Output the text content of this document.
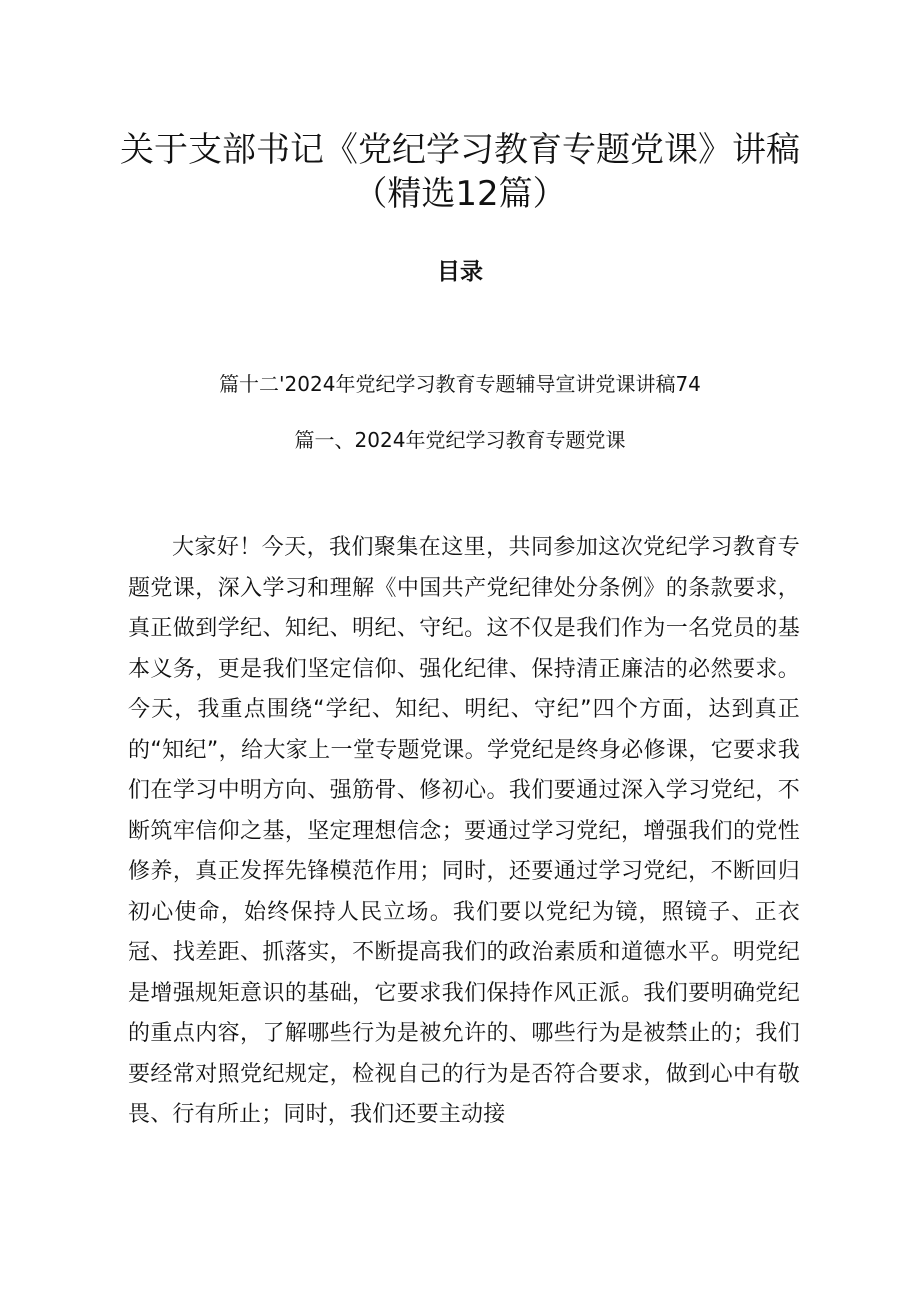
关于支部书记《党纪学习教育专题党课》讲稿
（精选12篇）
目录
篇十二'2024年党纪学习教育专题辅导宣讲党课讲稿74
篇一、2024年党纪学习教育专题党课

大家好！今天，我们聚集在这里，共同参加这次党纪学习教育专题党课，深入学习和理解《中国共产党纪律处分条例》的条款要求，真正做到学纪、知纪、明纪、守纪。这不仅是我们作为一名党员的基本义务，更是我们坚定信仰、强化纪律、保持清正廉洁的必然要求。今天，我重点围绕“学纪、知纪、明纪、守纪”四个方面，达到真正的“知纪”，给大家上一堂专题党课。学党纪是终身必修课，它要求我们在学习中明方向、强筋骨、修初心。我们要通过深入学习党纪，不断筑牢信仰之基，坚定理想信念；要通过学习党纪，增强我们的党性修养，真正发挥先锋模范作用；同时，还要通过学习党纪，不断回归初心使命，始终保持人民立场。我们要以党纪为镜，照镜子、正衣冠、找差距、抓落实，不断提高我们的政治素质和道德水平。明党纪是增强规矩意识的基础，它要求我们保持作风正派。我们要明确党纪的重点内容，了解哪些行为是被允许的、哪些行为是被禁止的；我们要经常对照党纪规定，检视自己的行为是否符合要求，做到心中有敬畏、行有所止；同时，我们还要主动接
